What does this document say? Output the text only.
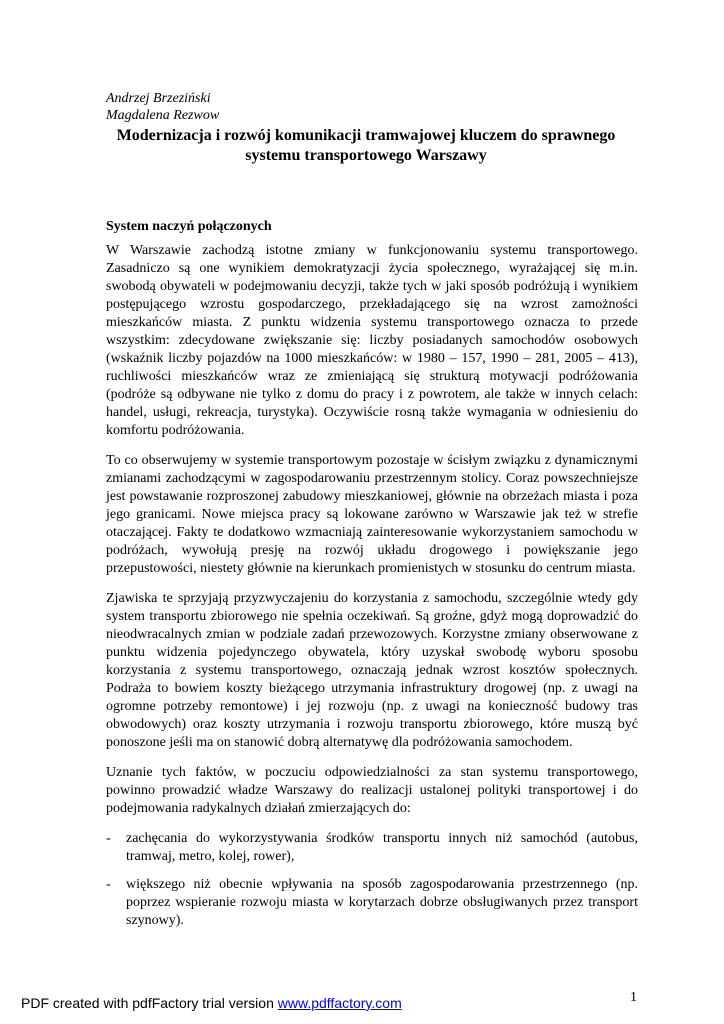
Andrzej Brzeziński
Magdalena Rezwow
Modernizacja i rozwój komunikacji tramwajowej kluczem do sprawnego
systemu transportowego Warszawy
System naczyń połączonych

W Warszawie zachodzą istotne zmiany w funkcjonowaniu systemu transportowego. Zasadniczo są one wynikiem demokratyzacji życia społecznego, wyrażającej się m.in. swobodą obywateli w podejmowaniu decyzji, także tych w jaki sposób podróżują i wynikiem postępującego wzrostu gospodarczego, przekładającego się na wzrost zamożności mieszkańców miasta. Z punktu widzenia systemu transportowego oznacza to przede wszystkim: zdecydowane zwiększanie się: liczby posiadanych samochodów osobowych (wskaźnik liczby pojazdów na 1000 mieszkańców: w 1980 – 157, 1990 – 281, 2005 – 413), ruchliwości mieszkańców wraz ze zmieniającą się strukturą motywacji podróżowania (podróże są odbywane nie tylko z domu do pracy i z powrotem, ale także w innych celach: handel, usługi, rekreacja, turystyka). Oczywiście rosną także wymagania w odniesieniu do komfortu podróżowania.

To co obserwujemy w systemie transportowym pozostaje w ścisłym związku z dynamicznymi zmianami zachodzącymi w zagospodarowaniu przestrzennym stolicy. Coraz powszechniejsze jest powstawanie rozproszonej zabudowy mieszkaniowej, głównie na obrzeżach miasta i poza jego granicami. Nowe miejsca pracy są lokowane zarówno w Warszawie jak też w strefie otaczającej. Fakty te dodatkowo wzmacniają zainteresowanie wykorzystaniem samochodu w podróżach, wywołują presję na rozwój układu drogowego i powiększanie jego przepustowości, niestety głównie na kierunkach promienistych w stosunku do centrum miasta.

Zjawiska te sprzyjają przyzwyczajeniu do korzystania z samochodu, szczególnie wtedy gdy system transportu zbiorowego nie spełnia oczekiwań. Są groźne, gdyż mogą doprowadzić do nieodwracalnych zmian w podziale zadań przewozowych. Korzystne zmiany obserwowane z punktu widzenia pojedynczego obywatela, który uzyskał swobodę wyboru sposobu korzystania z systemu transportowego, oznaczają jednak wzrost kosztów społecznych. Podraża to bowiem koszty bieżącego utrzymania infrastruktury drogowej (np. z uwagi na ogromne potrzeby remontowe) i jej rozwoju (np. z uwagi na konieczność budowy tras obwodowych) oraz koszty utrzymania i rozwoju transportu zbiorowego, które muszą być ponoszone jeśli ma on stanowić dobrą alternatywę dla podróżowania samochodem.

Uznanie tych faktów, w poczuciu odpowiedzialności za stan systemu transportowego, powinno prowadzić władze Warszawy do realizacji ustalonej polityki transportowej i do podejmowania radykalnych działań zmierzających do:

- zachęcania do wykorzystywania środków transportu innych niż samochód (autobus, tramwaj, metro, kolej, rower),
- większego niż obecnie wpływania na sposób zagospodarowania przestrzennego (np. poprzez wspieranie rozwoju miasta w korytarzach dobrze obsługiwanych przez transport szynowy).
1
PDF created with pdfFactory trial version www.pdffactory.com
